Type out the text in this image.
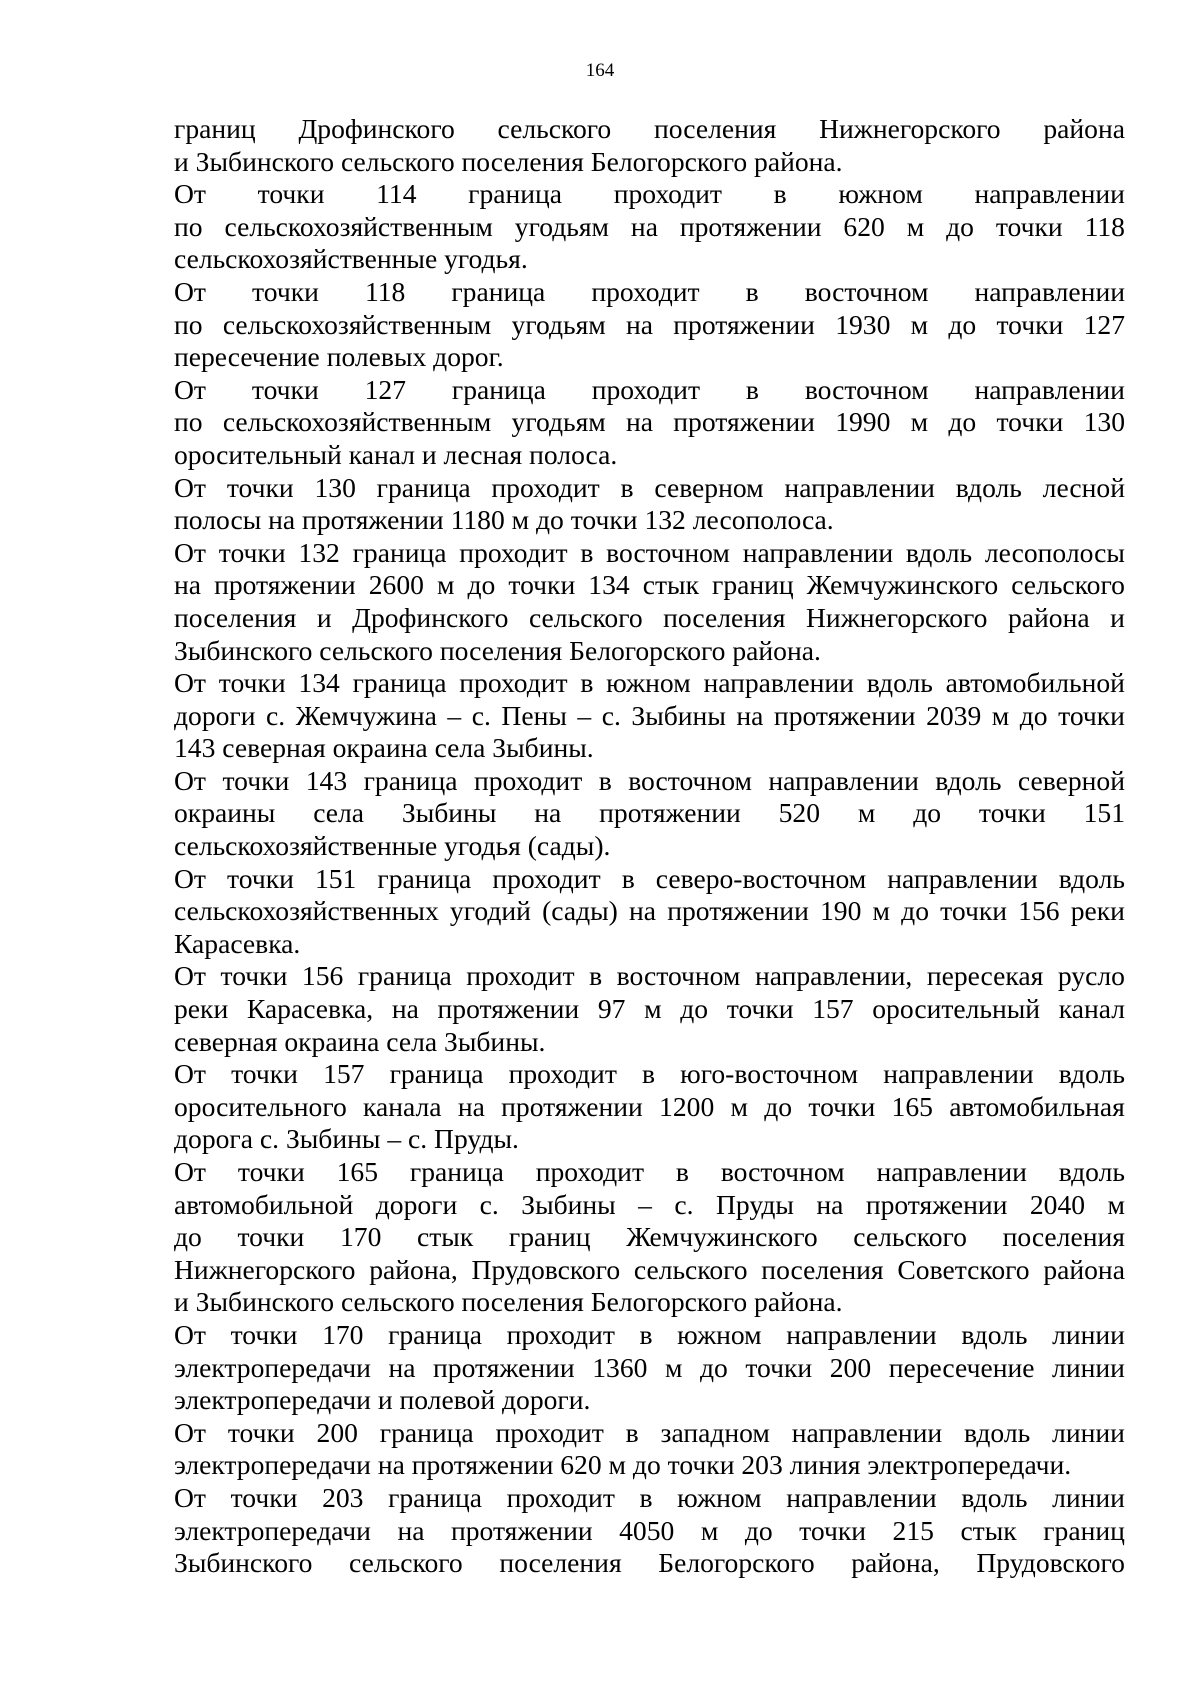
164
границ Дрофинского сельского поселения Нижнегорского района
и Зыбинского сельского поселения Белогорского района.
От точки 114 граница проходит в южном направлении
по сельскохозяйственным угодьям на протяжении 620 м до точки 118
сельскохозяйственные угодья.
От точки 118 граница проходит в восточном направлении
по сельскохозяйственным угодьям на протяжении 1930 м до точки 127
пересечение полевых дорог.
От точки 127 граница проходит в восточном направлении
по сельскохозяйственным угодьям на протяжении 1990 м до точки 130
оросительный канал и лесная полоса.
От точки 130 граница проходит в северном направлении вдоль лесной
полосы на протяжении 1180 м до точки 132 лесополоса.
От точки 132 граница проходит в восточном направлении вдоль лесополосы
на протяжении 2600 м до точки 134 стык границ Жемчужинского сельского
поселения и Дрофинского сельского поселения Нижнегорского района и
Зыбинского сельского поселения Белогорского района.
От точки 134 граница проходит в южном направлении вдоль автомобильной
дороги с. Жемчужина – с. Пены – с. Зыбины на протяжении 2039 м до точки
143 северная окраина села Зыбины.
От точки 143 граница проходит в восточном направлении вдоль северной
окраины села Зыбины на протяжении 520 м до точки 151
сельскохозяйственные угодья (сады).
От точки 151 граница проходит в северо-восточном направлении вдоль
сельскохозяйственных угодий (сады) на протяжении 190 м до точки 156 реки
Карасевка.
От точки 156 граница проходит в восточном направлении, пересекая русло
реки Карасевка, на протяжении 97 м до точки 157 оросительный канал
северная окраина села Зыбины.
От точки 157 граница проходит в юго-восточном направлении вдоль
оросительного канала на протяжении 1200 м до точки 165 автомобильная
дорога с. Зыбины – с. Пруды.
От точки 165 граница проходит в восточном направлении вдоль
автомобильной дороги с. Зыбины – с. Пруды на протяжении 2040 м
до точки 170 стык границ Жемчужинского сельского поселения
Нижнегорского района, Прудовского сельского поселения Советского района
и Зыбинского сельского поселения Белогорского района.
От точки 170 граница проходит в южном направлении вдоль линии
электропередачи на протяжении 1360 м до точки 200 пересечение линии
электропередачи и полевой дороги.
От точки 200 граница проходит в западном направлении вдоль линии
электропередачи на протяжении 620 м до точки 203 линия электропередачи.
От точки 203 граница проходит в южном направлении вдоль линии
электропередачи на протяжении 4050 м до точки 215 стык границ
Зыбинского сельского поселения Белогорского района, Прудовского
